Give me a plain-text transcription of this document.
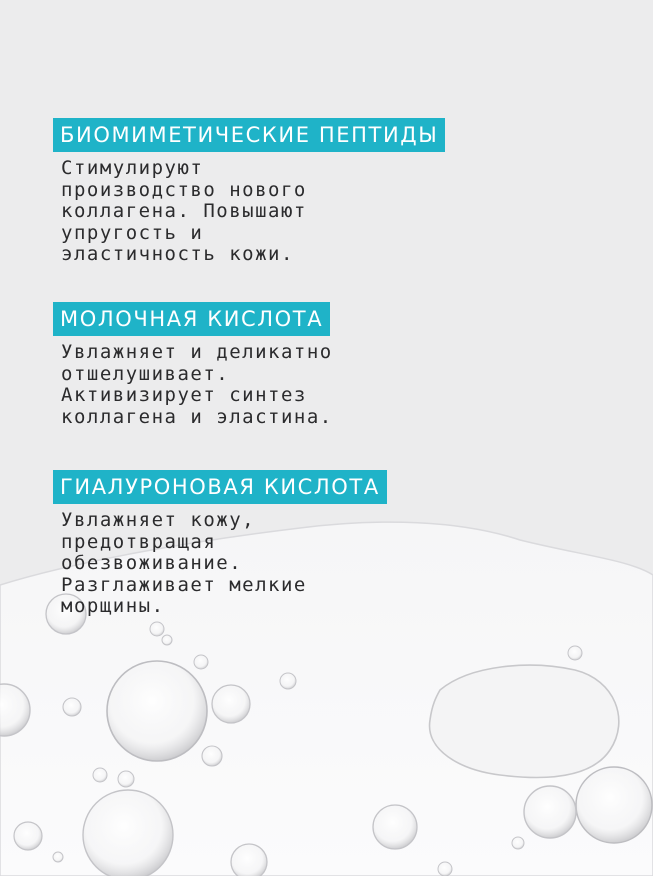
БИОМИМЕТИЧЕСКИЕ ПЕПТИДЫ
Стимулируют
производство нового
коллагена. Повышают
упругость и
эластичность кожи.
МОЛОЧНАЯ КИСЛОТА
Увлажняет и деликатно
отшелушивает.
Активизирует синтез
коллагена и эластина.
ГИАЛУРОНОВАЯ КИСЛОТА
Увлажняет кожу,
предотвращая
обезвоживание.
Разглаживает мелкие
морщины.
